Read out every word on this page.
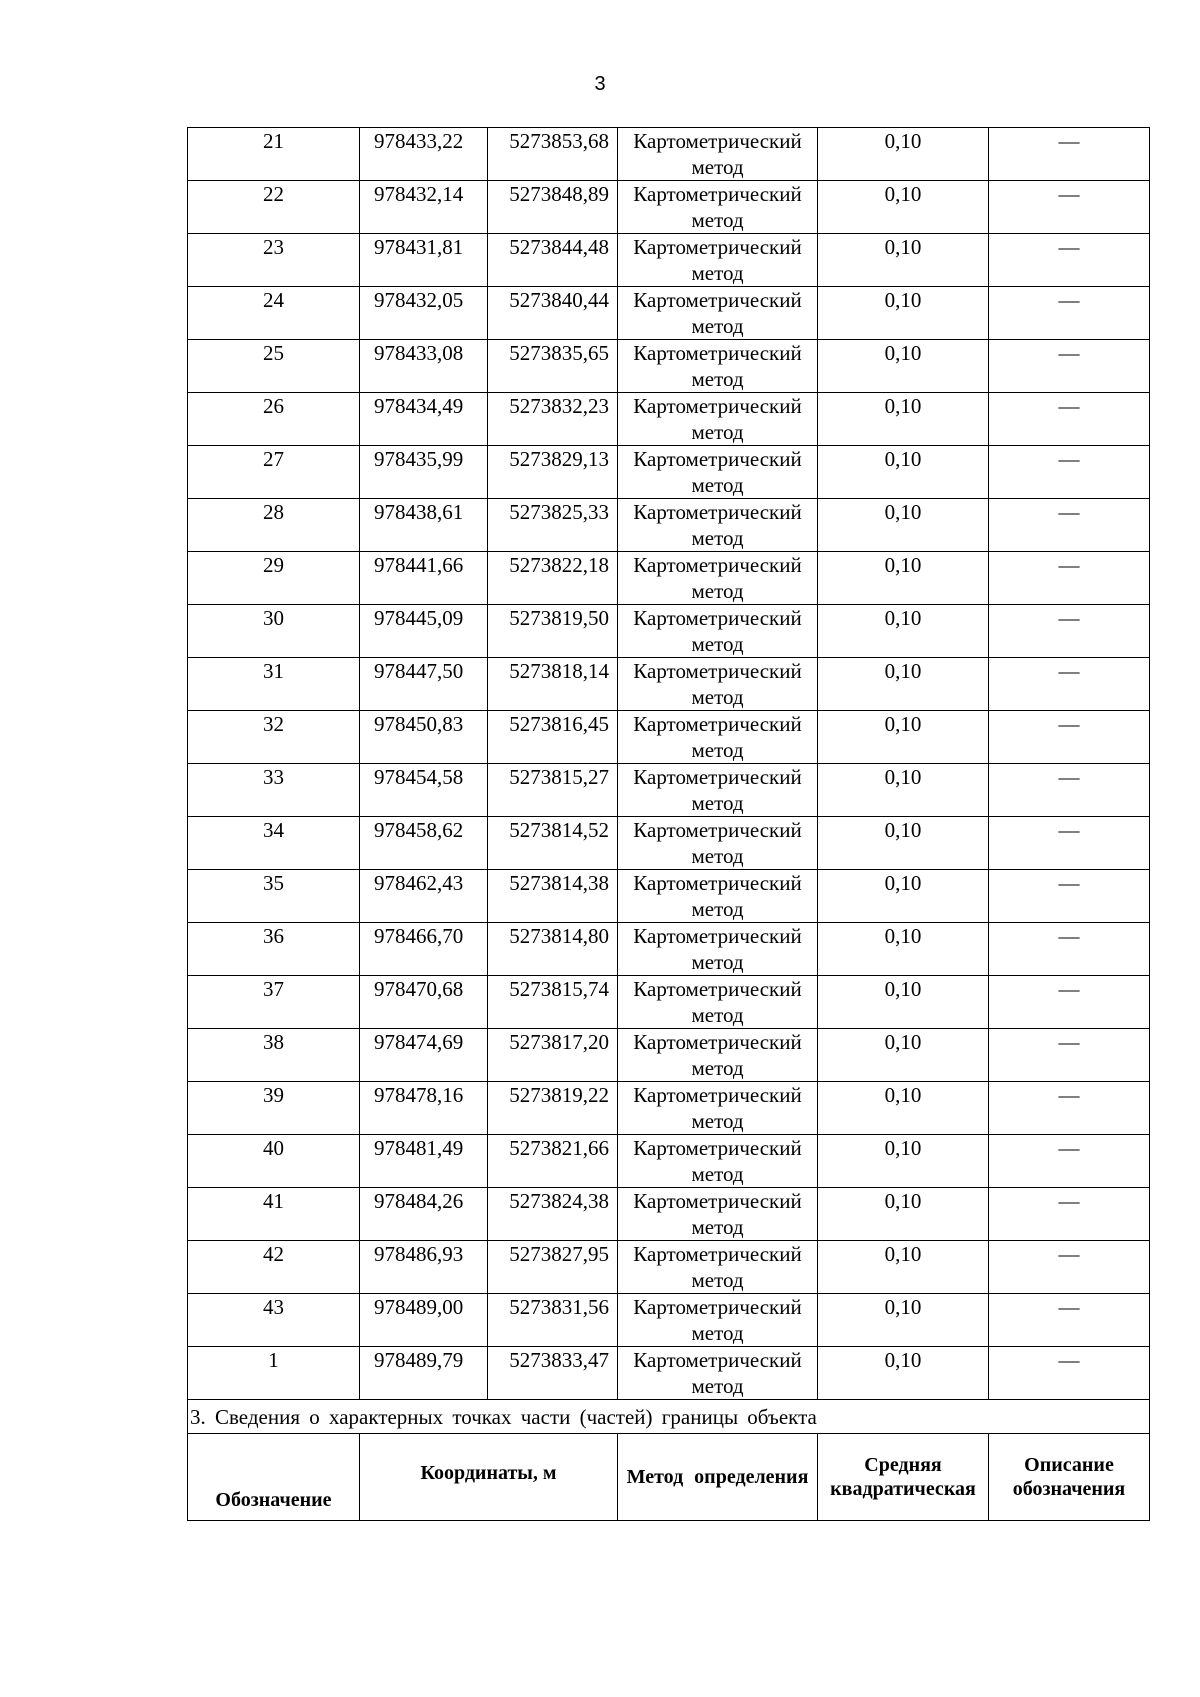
3
21	978433,22	5273853,68	Картометрический метод	0,10	—
22	978432,14	5273848,89	Картометрический метод	0,10	—
23	978431,81	5273844,48	Картометрический метод	0,10	—
24	978432,05	5273840,44	Картометрический метод	0,10	—
25	978433,08	5273835,65	Картометрический метод	0,10	—
26	978434,49	5273832,23	Картометрический метод	0,10	—
27	978435,99	5273829,13	Картометрический метод	0,10	—
28	978438,61	5273825,33	Картометрический метод	0,10	—
29	978441,66	5273822,18	Картометрический метод	0,10	—
30	978445,09	5273819,50	Картометрический метод	0,10	—
31	978447,50	5273818,14	Картометрический метод	0,10	—
32	978450,83	5273816,45	Картометрический метод	0,10	—
33	978454,58	5273815,27	Картометрический метод	0,10	—
34	978458,62	5273814,52	Картометрический метод	0,10	—
35	978462,43	5273814,38	Картометрический метод	0,10	—
36	978466,70	5273814,80	Картометрический метод	0,10	—
37	978470,68	5273815,74	Картометрический метод	0,10	—
38	978474,69	5273817,20	Картометрический метод	0,10	—
39	978478,16	5273819,22	Картометрический метод	0,10	—
40	978481,49	5273821,66	Картометрический метод	0,10	—
41	978484,26	5273824,38	Картометрический метод	0,10	—
42	978486,93	5273827,95	Картометрический метод	0,10	—
43	978489,00	5273831,56	Картометрический метод	0,10	—
1	978489,79	5273833,47	Картометрический метод	0,10	—
3. Сведения о характерных точках части (частей) границы объекта					
Обозначение	Координаты, м		Метод определения	Средняя квадратическая	Описание обозначения
